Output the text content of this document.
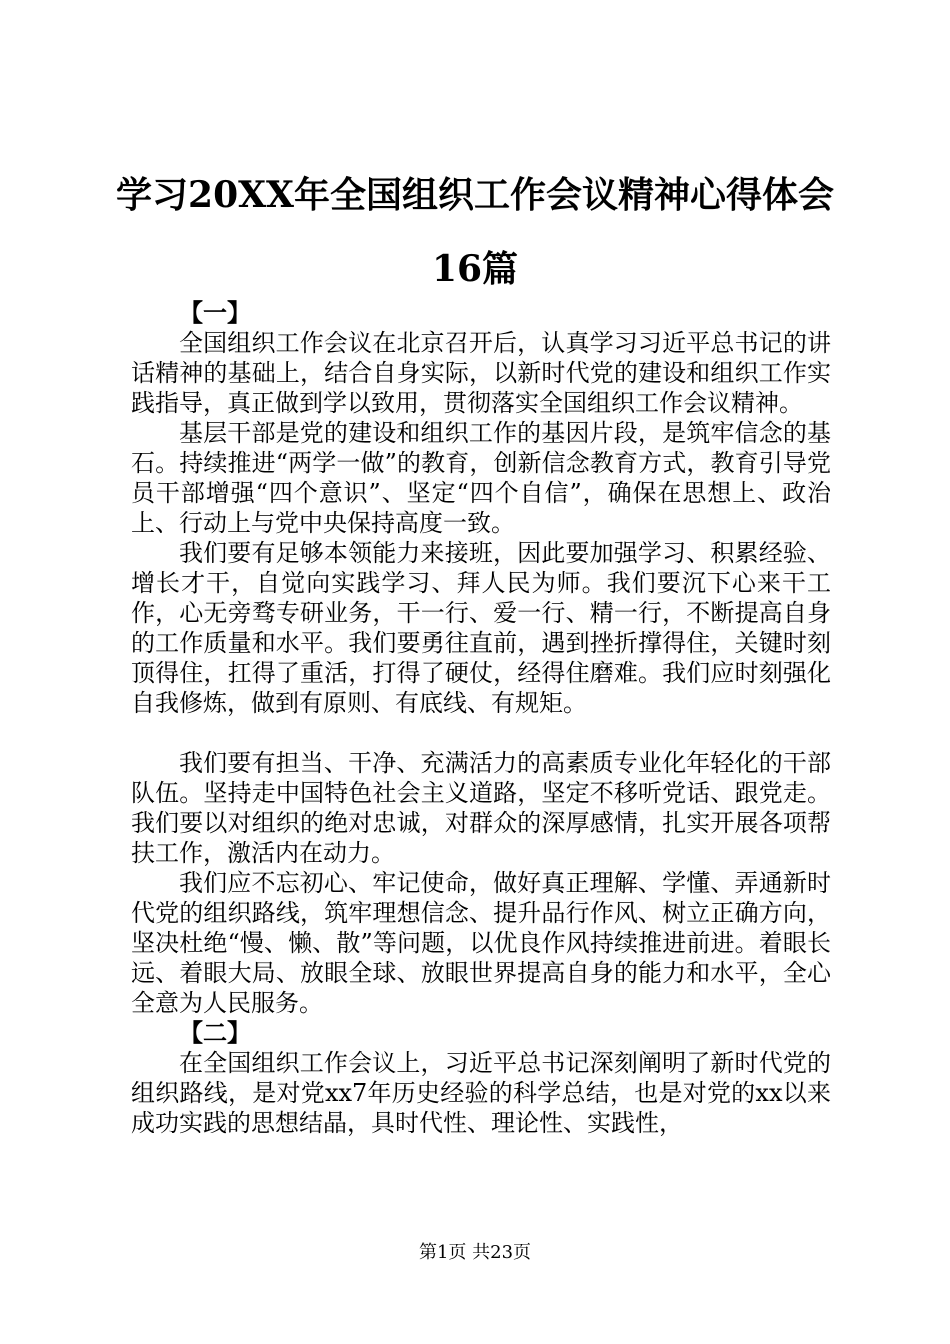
学习20XX年全国组织工作会议精神心得体会
16篇

【一】

全国组织工作会议在北京召开后，认真学习习近平总书记的讲话精神的基础上，结合自身实际，以新时代党的建设和组织工作实践指导，真正做到学以致用，贯彻落实全国组织工作会议精神。

基层干部是党的建设和组织工作的基因片段，是筑牢信念的基石。持续推进“两学一做”的教育，创新信念教育方式，教育引导党员干部增强“四个意识”、坚定“四个自信”，确保在思想上、政治上、行动上与党中央保持高度一致。

我们要有足够本领能力来接班，因此要加强学习、积累经验、增长才干，自觉向实践学习、拜人民为师。我们要沉下心来干工作，心无旁骛专研业务，干一行、爱一行、精一行，不断提高自身的工作质量和水平。我们要勇往直前，遇到挫折撑得住，关键时刻顶得住，扛得了重活，打得了硬仗，经得住磨难。我们应时刻强化自我修炼，做到有原则、有底线、有规矩。

我们要有担当、干净、充满活力的高素质专业化年轻化的干部队伍。坚持走中国特色社会主义道路，坚定不移听党话、跟党走。我们要以对组织的绝对忠诚，对群众的深厚感情，扎实开展各项帮扶工作，激活内在动力。

我们应不忘初心、牢记使命，做好真正理解、学懂、弄通新时代党的组织路线，筑牢理想信念、提升品行作风、树立正确方向，坚决杜绝“慢、懒、散”等问题，以优良作风持续推进前进。着眼长远、着眼大局、放眼全球、放眼世界提高自身的能力和水平，全心全意为人民服务。

【二】

在全国组织工作会议上，习近平总书记深刻阐明了新时代党的组织路线，是对党xx7年历史经验的科学总结，也是对党的xx以来成功实践的思想结晶，具时代性、理论性、实践性，

第1页 共23页
